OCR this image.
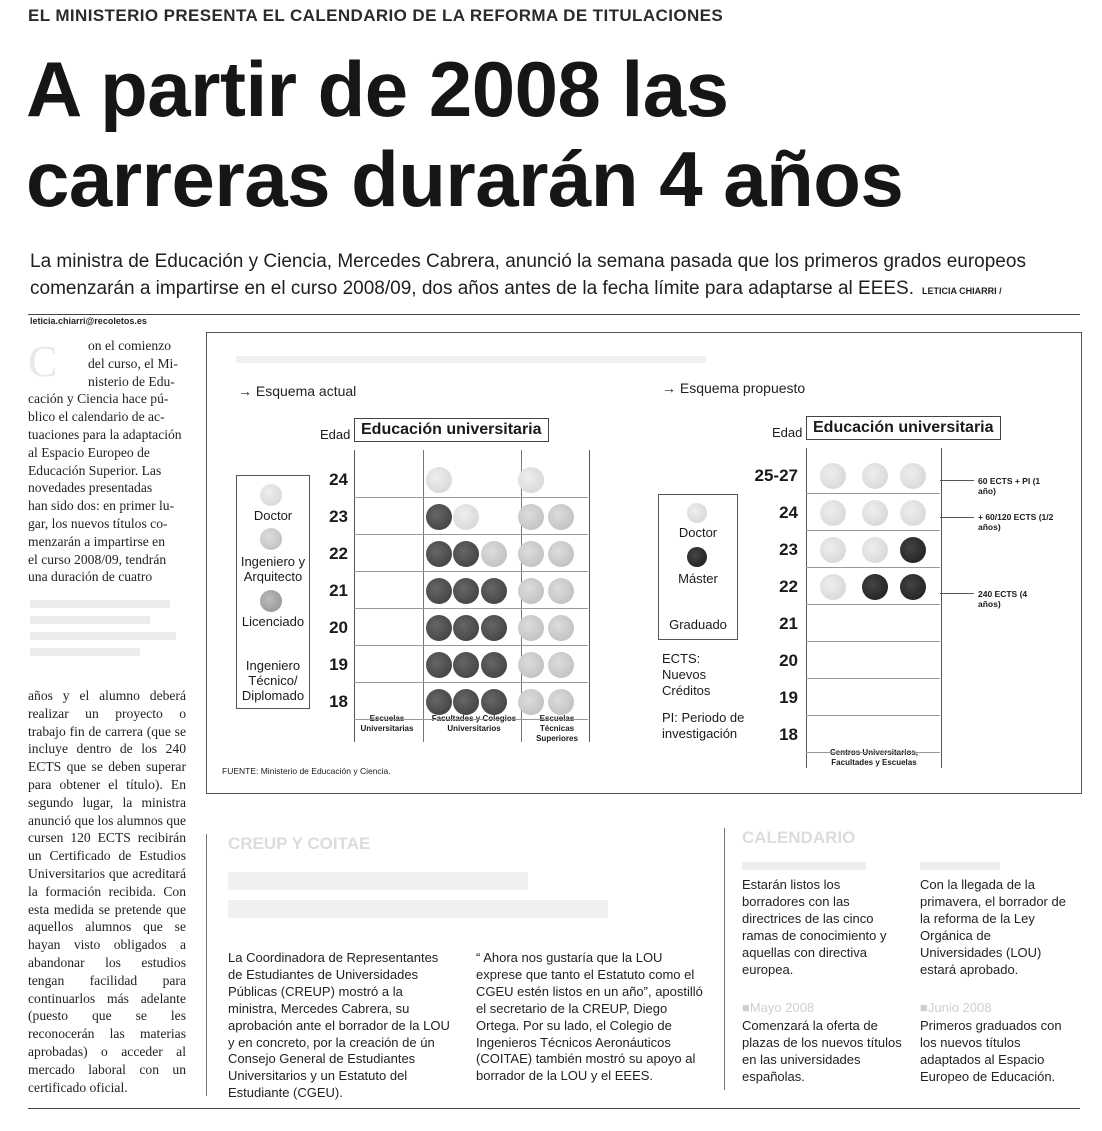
EL MINISTERIO PRESENTA EL CALENDARIO DE LA REFORMA DE TITULACIONES
A partir de 2008 las
carreras durarán 4 años
La ministra de Educación y Ciencia, Mercedes Cabrera, anunció la semana pasada que los primeros grados europeos comenzarán a impartirse en el curso 2008/09, dos años antes de la fecha límite para adaptarse al EEES. LETICIA CHIARRI / leticia.chiarri@recoletos.es
C	on el comienzo
del curso, el Mi-
nisterio de Edu-
cación y Ciencia hace pú-
blico el calendario de ac-
tuaciones para la adaptación
al Espacio Europeo de
Educación Superior. Las
novedades presentadas
han sido dos: en primer lu-
gar, los nuevos títulos co-
menzarán a impartirse en
el curso 2008/09, tendrán
una duración de cuatro
años y el alumno deberá realizar un proyecto o trabajo fin de carrera (que se incluye dentro de los 240 ECTS que se deben superar para obtener el título). En segundo lugar, la ministra anunció que los alumnos que cursen 120 ECTS recibirán un Certificado de Estudios Universitarios que acreditará la formación recibida. Con esta medida se pretende que aquellos alumnos que se hayan visto obligados a abandonar los estudios tengan facilidad para continuarlos más adelante (puesto que se les reconocerán las materias aprobadas) o acceder al mercado laboral con un certificado oficial.
→ Esquema actual	→ Esquema propuesto
Edad Educación universitaria
Doctor
Ingeniero y Arquitecto
Licenciado
Ingeniero Técnico/ Diplomado
Universitarias	Universitarios	Técnicas Superiores
Edad Educación universitaria
Doctor
Máster
Graduado
ECTS: Nuevos Créditos
PI: Periodo de investigación
60 ECTS + PI (1 año)
+ 60/120 ECTS (1/2 años)
240 ECTS (4 años)
Facultades y Escuelas
FUENTE: Ministerio de Educación y Ciencia.
CREUP Y COITAE
La Coordinadora de Representantes de Estudiantes de Universidades Públicas (CREUP) mostró a la ministra, Mercedes Cabrera, su aprobación ante el borrador de la LOU y en concreto, por la creación de ún Consejo General de Estudiantes Universitarios y un Estatuto del Estudiante (CGEU).
“ Ahora nos gustaría que la LOU exprese que tanto el Estatuto como el CGEU estén listos en un año”, apostilló el secretario de la CREUP, Diego Ortega. Por su lado, el Colegio de Ingenieros Técnicos Aeronáuticos (COITAE) también mostró su apoyo al borrador de la LOU y el EEES.
CALENDARIO
Estarán listos los borradores con las directrices de las cinco ramas de conocimiento y aquellas con directiva europea.
Con la llegada de la primavera, el borrador de la reforma de la Ley Orgánica de Universidades (LOU) estará aprobado.
■Mayo 2008	■Junio 2008
Comenzará la oferta de plazas de los nuevos títulos en las universidades españolas.
Primeros graduados con los nuevos títulos adaptados al Espacio Europeo de Educación.
24
23
22
21
20
19
18
25-27
24
23
22
21
20
19
18
